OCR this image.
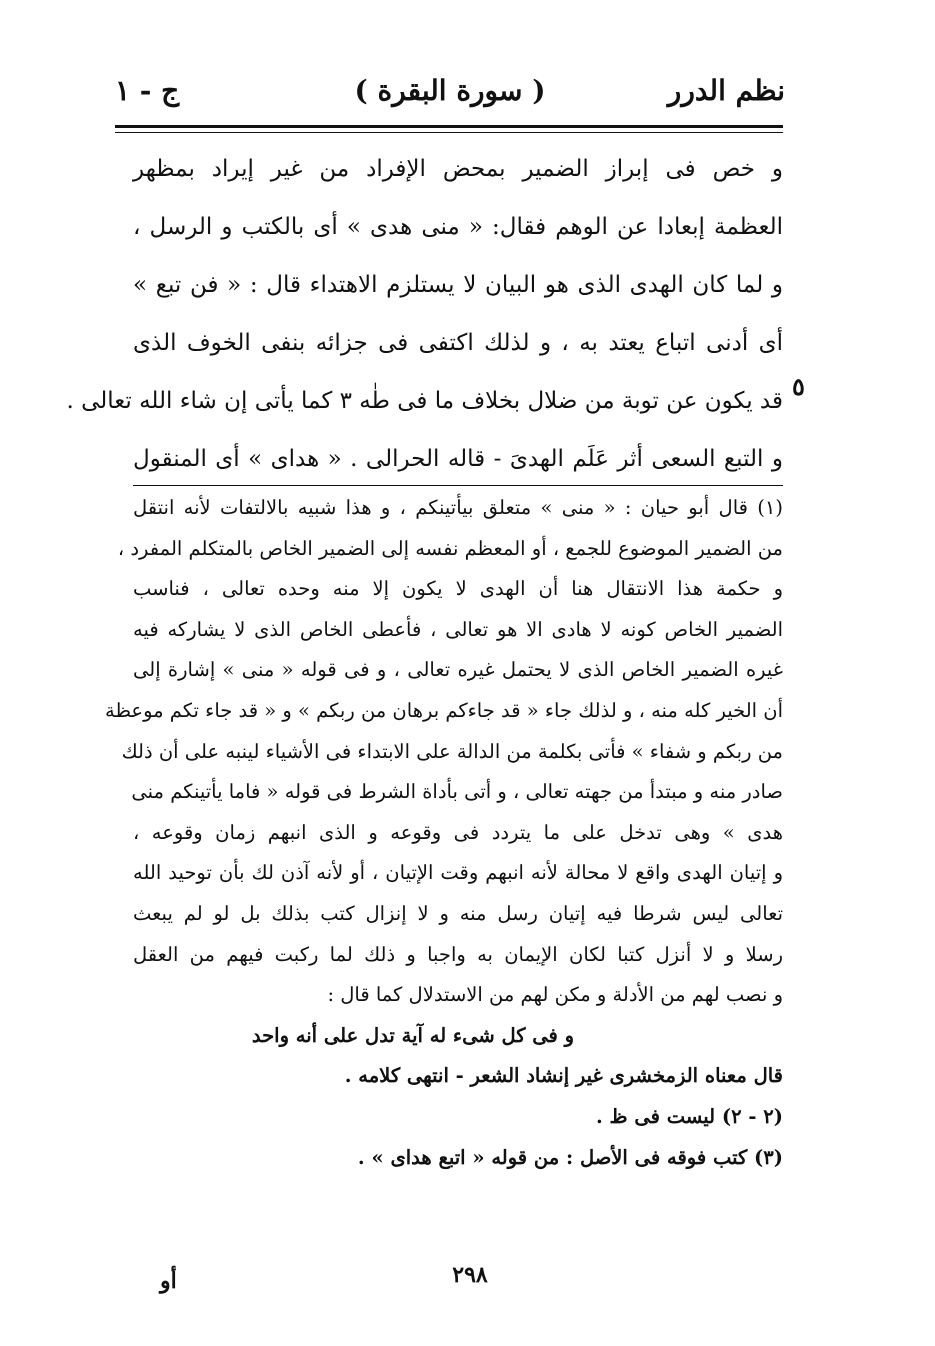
نظم الدرر
( سورة البقرة )
ج - ١

و خص فى إبراز الضمير بمحض الإفراد من غير إيراد بمظهر

العظمة إبعادا عن الوهم فقال: « منى هدى » أى بالكتب و الرسل ،

و لما كان الهدى الذى هو البيان لا يستلزم الاهتداء قال : « فن تبع »

أى أدنى اتباع يعتد به ، و لذلك اكتفى فى جزائه بنفى الخوف الذى

قد يكون عن توبة من ضلال بخلاف ما فى طٰه ٣ كما يأتى إن شاء الله تعالى .

و التبع السعى أثر عَلَم الهدىَ - قاله الحرالى . « هداى » أى المنقول

٥

(١) قال أبو حيان : « منى » متعلق بيأتينكم ، و هذا شبيه بالالتفات لأنه انتقل

من الضمير الموضوع للجمع ، أو المعظم نفسه إلى الضمير الخاص بالمتكلم المفرد ،

و حكمة هذا الانتقال هنا أن الهدى لا يكون إلا منه وحده تعالى ، فناسب

الضمير الخاص كونه لا هادى الا هو تعالى ، فأعطى الخاص الذى لا يشاركه فيه

غيره الضمير الخاص الذى لا يحتمل غيره تعالى ، و فى قوله « منى » إشارة إلى

أن الخير كله منه ، و لذلك جاء « قد جاءكم برهان من ربكم » و « قد جاء تكم موعظة

من ربكم و شفاء » فأتى بكلمة من الدالة على الابتداء فى الأشياء لينبه على أن ذلك

صادر منه و مبتدأ من جهته تعالى ، و أتى بأداة الشرط فى قوله « فاما يأتينكم منى

هدى » وهى تدخل على ما يتردد فى وقوعه و الذى انبهم زمان وقوعه ،

و إتيان الهدى واقع لا محالة لأنه انبهم وقت الإتيان ، أو لأنه آذن لك بأن توحيد الله

تعالى ليس شرطا فيه إتيان رسل منه و لا إنزال كتب بذلك بل لو لم يبعث

رسلا و لا أنزل كتبا لكان الإيمان به واجبا و ذلك لما ركبت فيهم من العقل

و نصب لهم من الأدلة و مكن لهم من الاستدلال كما قال :

و فى كل شىء له آية تدل على أنه واحد

قال معناه الزمخشرى غير إنشاد الشعر - انتهى كلامه .

(٢ - ٢) ليست فى ظ .

(٣) كتب فوقه فى الأصل : من قوله « اتبع هداى » .

٢٩٨
أو
